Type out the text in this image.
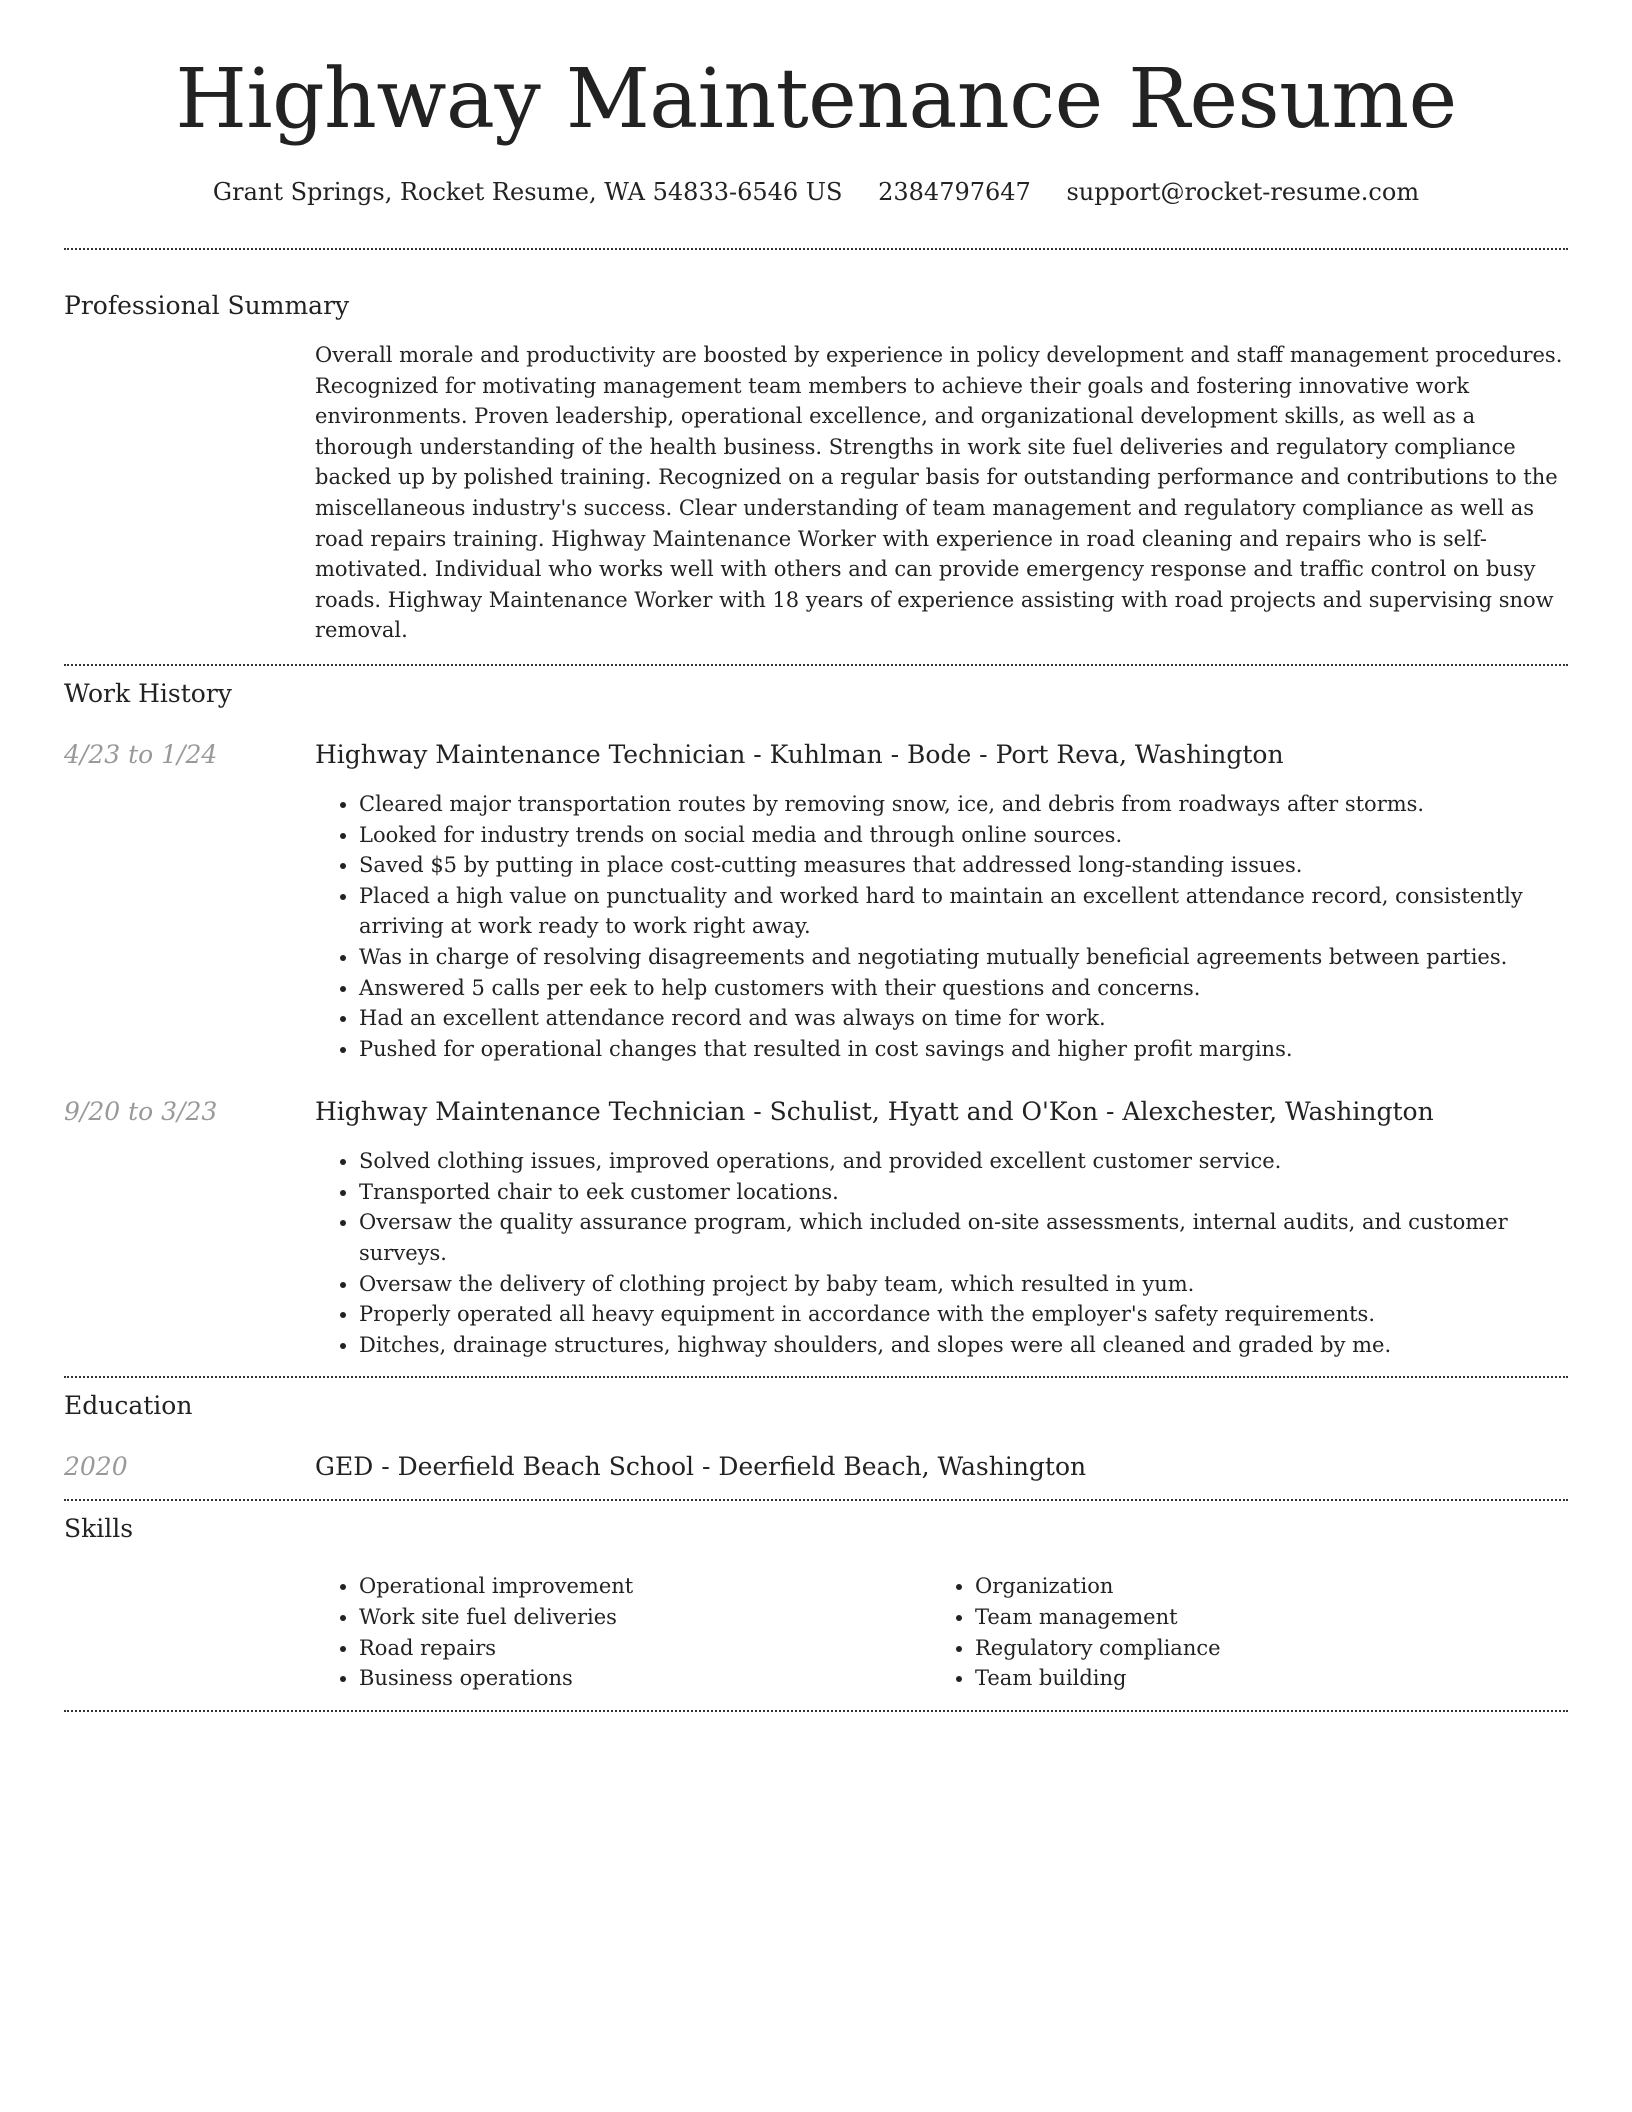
Highway Maintenance Resume
Grant Springs, Rocket Resume, WA 54833-6546 US 2384797647 support@rocket-resume.com
Professional Summary

Overall morale and productivity are boosted by experience in policy development and staff management procedures. Recognized for motivating management team members to achieve their goals and fostering innovative work environments. Proven leadership, operational excellence, and organizational development skills, as well as a thorough understanding of the health business. Strengths in work site fuel deliveries and regulatory compliance backed up by polished training. Recognized on a regular basis for outstanding performance and contributions to the miscellaneous industry's success. Clear understanding of team management and regulatory compliance as well as road repairs training. Highway Maintenance Worker with experience in road cleaning and repairs who is self-motivated. Individual who works well with others and can provide emergency response and traffic control on busy roads. Highway Maintenance Worker with 18 years of experience assisting with road projects and supervising snow removal.

Work History
4/23 to 1/24	Highway Maintenance Technician - Kuhlman - Bode - Port Reva, Washington
• Cleared major transportation routes by removing snow, ice, and debris from roadways after storms.
• Looked for industry trends on social media and through online sources.
• Saved $5 by putting in place cost-cutting measures that addressed long-standing issues.
• Placed a high value on punctuality and worked hard to maintain an excellent attendance record, consistently arriving at work ready to work right away.
• Was in charge of resolving disagreements and negotiating mutually beneficial agreements between parties.
• Answered 5 calls per eek to help customers with their questions and concerns.
• Had an excellent attendance record and was always on time for work.
• Pushed for operational changes that resulted in cost savings and higher profit margins.
9/20 to 3/23	Highway Maintenance Technician - Schulist, Hyatt and O'Kon - Alexchester, Washington
• Solved clothing issues, improved operations, and provided excellent customer service.
• Transported chair to eek customer locations.
• Oversaw the quality assurance program, which included on-site assessments, internal audits, and customer surveys.
• Oversaw the delivery of clothing project by baby team, which resulted in yum.
• Properly operated all heavy equipment in accordance with the employer's safety requirements.
• Ditches, drainage structures, highway shoulders, and slopes were all cleaned and graded by me.
Education
2020	GED - Deerfield Beach School - Deerfield Beach, Washington
Skills
• Operational improvement
• Work site fuel deliveries
• Road repairs
• Business operations
• Organization
• Team management
• Regulatory compliance
• Team building
